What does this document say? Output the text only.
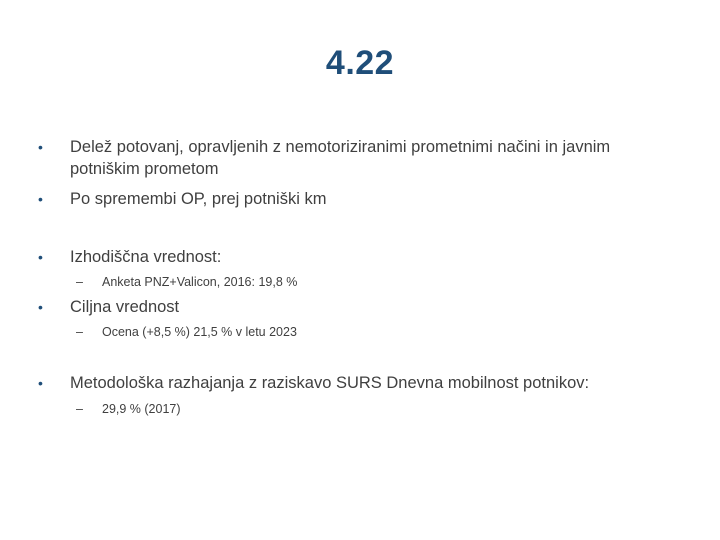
4.22
•	Delež potovanj, opravljenih z nemotoriziranimi prometnimi načini in javnim potniškim prometom
•	Po spremembi OP, prej potniški km
•	Izhodiščna vrednost:
–	Anketa PNZ+Valicon, 2016: 19,8 %
•	Ciljna vrednost
–	Ocena (+8,5 %) 21,5 % v letu 2023
•	Metodološka razhajanja z raziskavo SURS Dnevna mobilnost potnikov:
–	29,9 % (2017)
